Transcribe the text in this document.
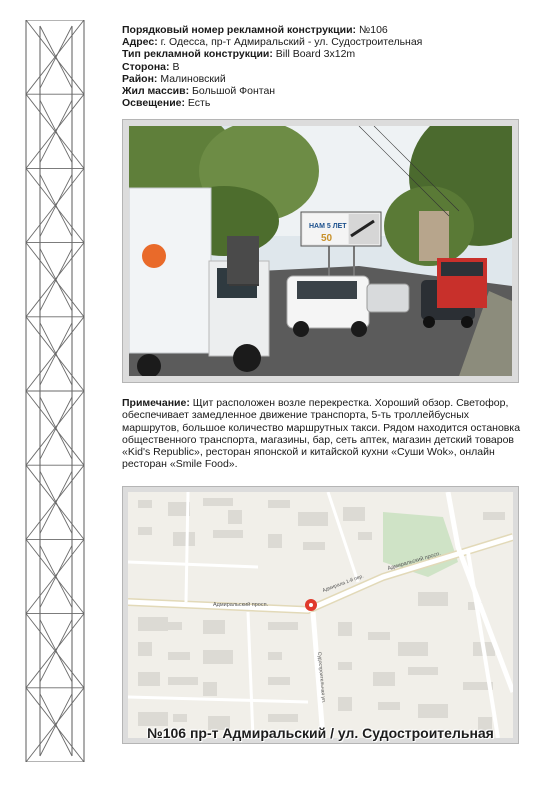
Порядковый номер рекламной конструкции: №106
Адрес: г. Одесса, пр-т Адмиральский - ул. Судостроительная
Тип рекламной конструкции: Bill Board 3x12m
Сторона: B
Район: Малиновский
Жил массив: Большой Фонтан
Освещение: Есть
НАМ 5 ЛЕТ
50
Примечание: Щит расположен возле перекрестка. Хороший обзор. Светофор, обеспечивает замедленное движение транспорта, 5-ть троллейбусных маршрутов, большое количество маршрутных такси. Рядом находится остановка общественного транспорта, магазины, бар, сеть аптек, магазин детский товаров «Kid's Republic», ресторан японской и китайской кухни «Суши Wok», онлайн ресторан «Smile Food».
Адмиральский просп.
Адмиральский просп.
Судостроительная ул.
Адмирала 1-й пер.
№106 пр-т Адмиральский / ул. Судостроительная
